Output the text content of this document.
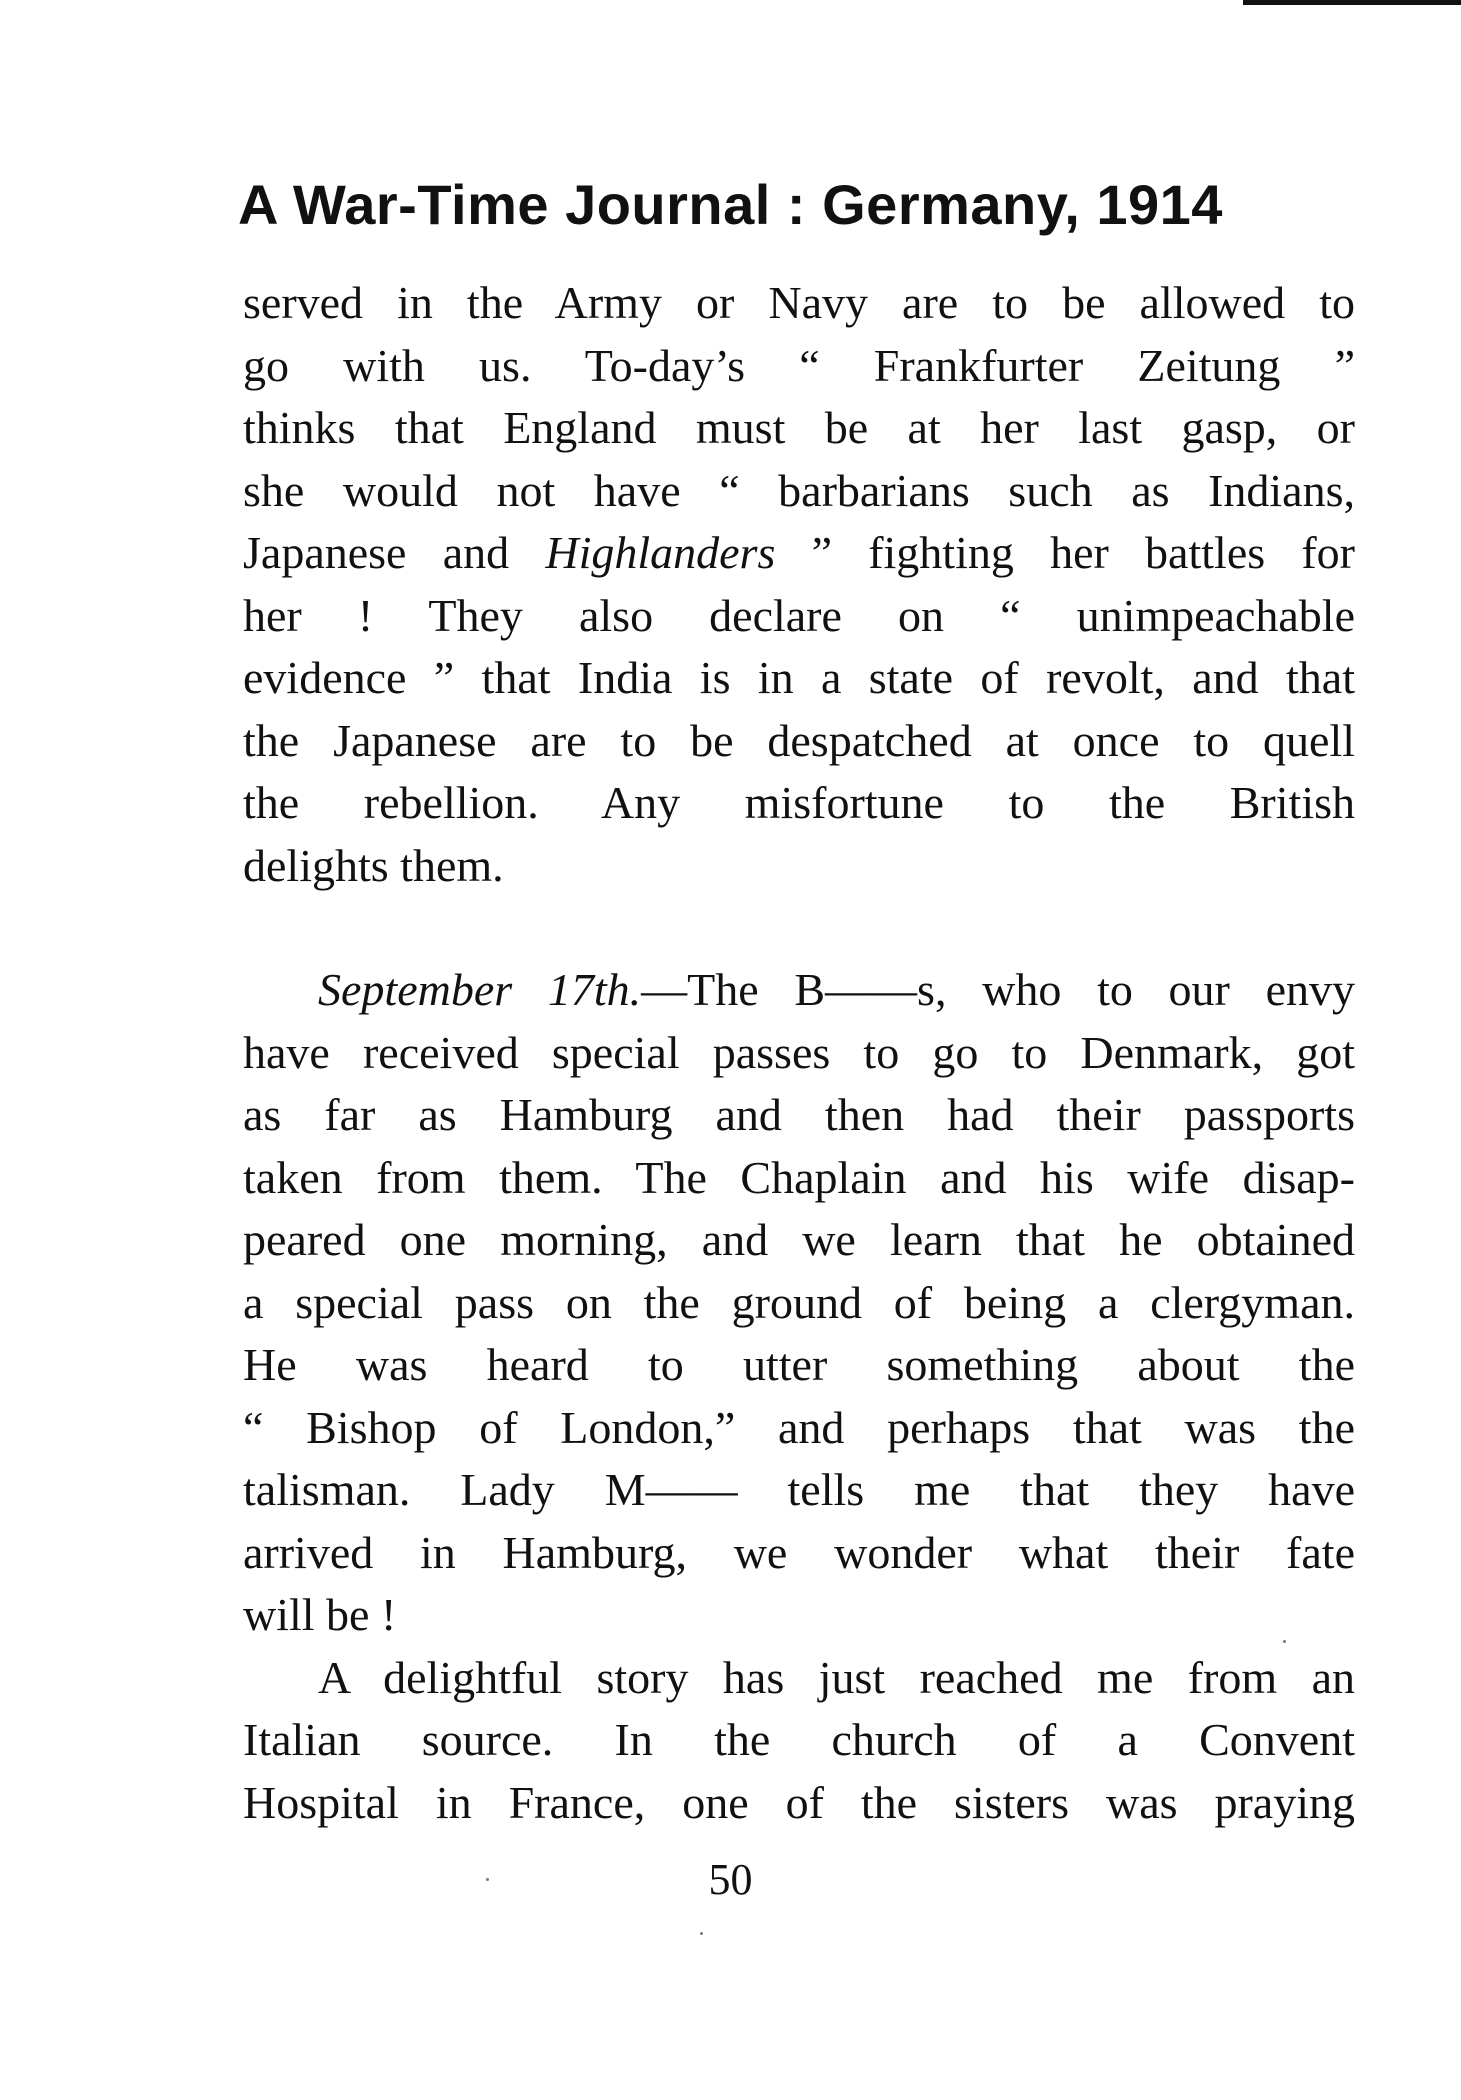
A War-Time Journal : Germany, 1914
served in the Army or Navy are to be allowed to
go with us. To-day’s “ Frankfurter Zeitung ”
thinks that England must be at her last gasp, or
she would not have “ barbarians such as Indians,
Japanese and Highlanders ” fighting her battles for
her ! They also declare on “ unimpeachable
evidence ” that India is in a state of revolt, and that
the Japanese are to be despatched at once to quell
the rebellion. Any misfortune to the British
delights them.
September 17th.—The B——s, who to our envy
have received special passes to go to Denmark, got
as far as Hamburg and then had their passports
taken from them. The Chaplain and his wife disap-
peared one morning, and we learn that he obtained
a special pass on the ground of being a clergyman.
He was heard to utter something about the
“ Bishop of London,” and perhaps that was the
talisman. Lady M—— tells me that they have
arrived in Hamburg, we wonder what their fate
will be !
A delightful story has just reached me from an
Italian source. In the church of a Convent
Hospital in France, one of the sisters was praying
50
